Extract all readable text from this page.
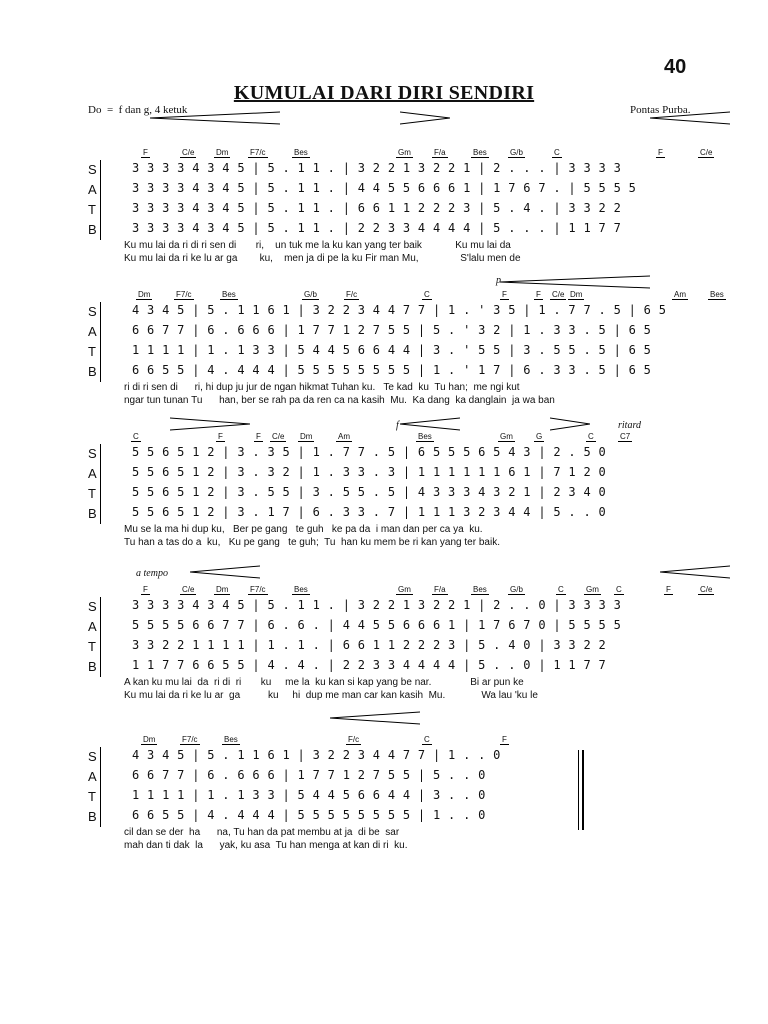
40
KUMULAI DARI DIRI SENDIRI
Do  =  f dan g, 4 ketuk	Pontas Purba.
F	C/e	Dm	F7/c	Bes	Gm	F/a	Bes	G/b	C	F	C/e
S	3 3 3 3 4 3 4 5 | 5 . 1 1 . | 3 2 2 1 3 2 2 1 | 2 . . . | 3 3 3 3
A	3 3 3 3 4 3 4 5 | 5 . 1 1 . | 4 4 5 5 6 6 6 1 | 1 7 6 7 . | 5 5 5 5
T	3 3 3 3 4 3 4 5 | 5 . 1 1 . | 6 6 1 1 2 2 2 3 | 5 . 4 . | 3 3 2 2
B	3 3 3 3 4 3 4 5 | 5 . 1 1 . | 2 2 3 3 4 4 4 4 | 5 . . . | 1 1 7 7
Ku mu lai da ri di ri sen di       ri,    un tuk me la ku kan yang ter baik            Ku mu lai da
Ku mu lai da ri ke lu ar ga        ku,    men ja di pe la ku Fir man Mu,               S'lalu men de
Dm	F7/c	Bes	G/b	F/c	C	F	F C/e Dm	Am	Bes
S	4 3 4 5 | 5 . 1 1 6 1 | 3 2 2 3 4 4 7 7 | 1 . ' 3 5 | 1 . 7 7 . 5 | 6 5
A	6 6 7 7 | 6 . 6 6 6 | 1 7 7 1 2 7 5 5 | 5 . ' 3 2 | 1 . 3 3 . 5 | 6 5
T	1 1 1 1 | 1 . 1 3 3 | 5 4 4 5 6 6 4 4 | 3 . ' 5 5 | 3 . 5 5 . 5 | 6 5
B	6 6 5 5 | 4 . 4 4 4 | 5 5 5 5 5 5 5 5 | 1 . ' 1 7 | 6 . 3 3 . 5 | 6 5
ri di ri sen di      ri, hi dup ju jur de ngan hikmat Tuhan ku.   Te kad  ku  Tu han;  me ngi kut
ngar tun tunan Tu      han, ber se rah pa da ren ca na kasih  Mu.  Ka dang  ka danglain  ja wa ban
p
C	F	F C/e Dm	Am	Bes	Gm	G	C	C7
S	5 5 6 5 1 2 | 3 . 3 5 | 1 . 7 7 . 5 | 6 5 5 5 6 5 4 3 | 2 . 5 0
A	5 5 6 5 1 2 | 3 . 3 2 | 1 . 3 3 . 3 | 1 1 1 1 1 1 6 1 | 7 1 2 0
T	5 5 6 5 1 2 | 3 . 5 5 | 3 . 5 5 . 5 | 4 3 3 3 4 3 2 1 | 2 3 4 0
B	5 5 6 5 1 2 | 3 . 1 7 | 6 . 3 3 . 7 | 1 1 1 3 2 3 4 4 | 5 . . 0
Mu se la ma hi dup ku,   Ber pe gang   te guh   ke pa da  i man dan per ca ya  ku.
Tu han a tas do a  ku,   Ku pe gang   te guh;  Tu  han ku mem be ri kan yang ter baik.
f	ritard
F	C/e	Dm	F7/c	Bes	Gm	F/a	Bes	G/b	C	Gm C	F	C/e
S	3 3 3 3 4 3 4 5 | 5 . 1 1 . | 3 2 2 1 3 2 2 1 | 2 . . 0 | 3 3 3 3
A	5 5 5 5 6 6 7 7 | 6 . 6 . | 4 4 5 5 6 6 6 1 | 1 7 6 7 0 | 5 5 5 5
T	3 3 2 2 1 1 1 1 | 1 . 1 . | 6 6 1 1 2 2 2 3 | 5 . 4 0 | 3 3 2 2
B	1 1 7 7 6 6 5 5 | 4 . 4 . | 2 2 3 3 4 4 4 4 | 5 . . 0 | 1 1 7 7
A kan ku mu lai  da  ri di  ri       ku     me la  ku kan si kap yang be nar.              Bi ar pun ke
Ku mu lai da ri ke lu ar  ga          ku     hi  dup me man car kan kasih  Mu.             Wa lau 'ku le
a tempo
Dm	F7/c	Bes	F/c	C	F
S	4 3 4 5 | 5 . 1 1 6 1 | 3 2 2 3 4 4 7 7 | 1 . . 0
A	6 6 7 7 | 6 . 6 6 6 | 1 7 7 1 2 7 5 5 | 5 . . 0
T	1 1 1 1 | 1 . 1 3 3 | 5 4 4 5 6 6 4 4 | 3 . . 0
B	6 6 5 5 | 4 . 4 4 4 | 5 5 5 5 5 5 5 5 | 1 . . 0
cil dan se der  ha      na, Tu han da pat membu at ja  di be  sar
mah dan ti dak  la      yak, ku asa  Tu han menga at kan di ri  ku.
